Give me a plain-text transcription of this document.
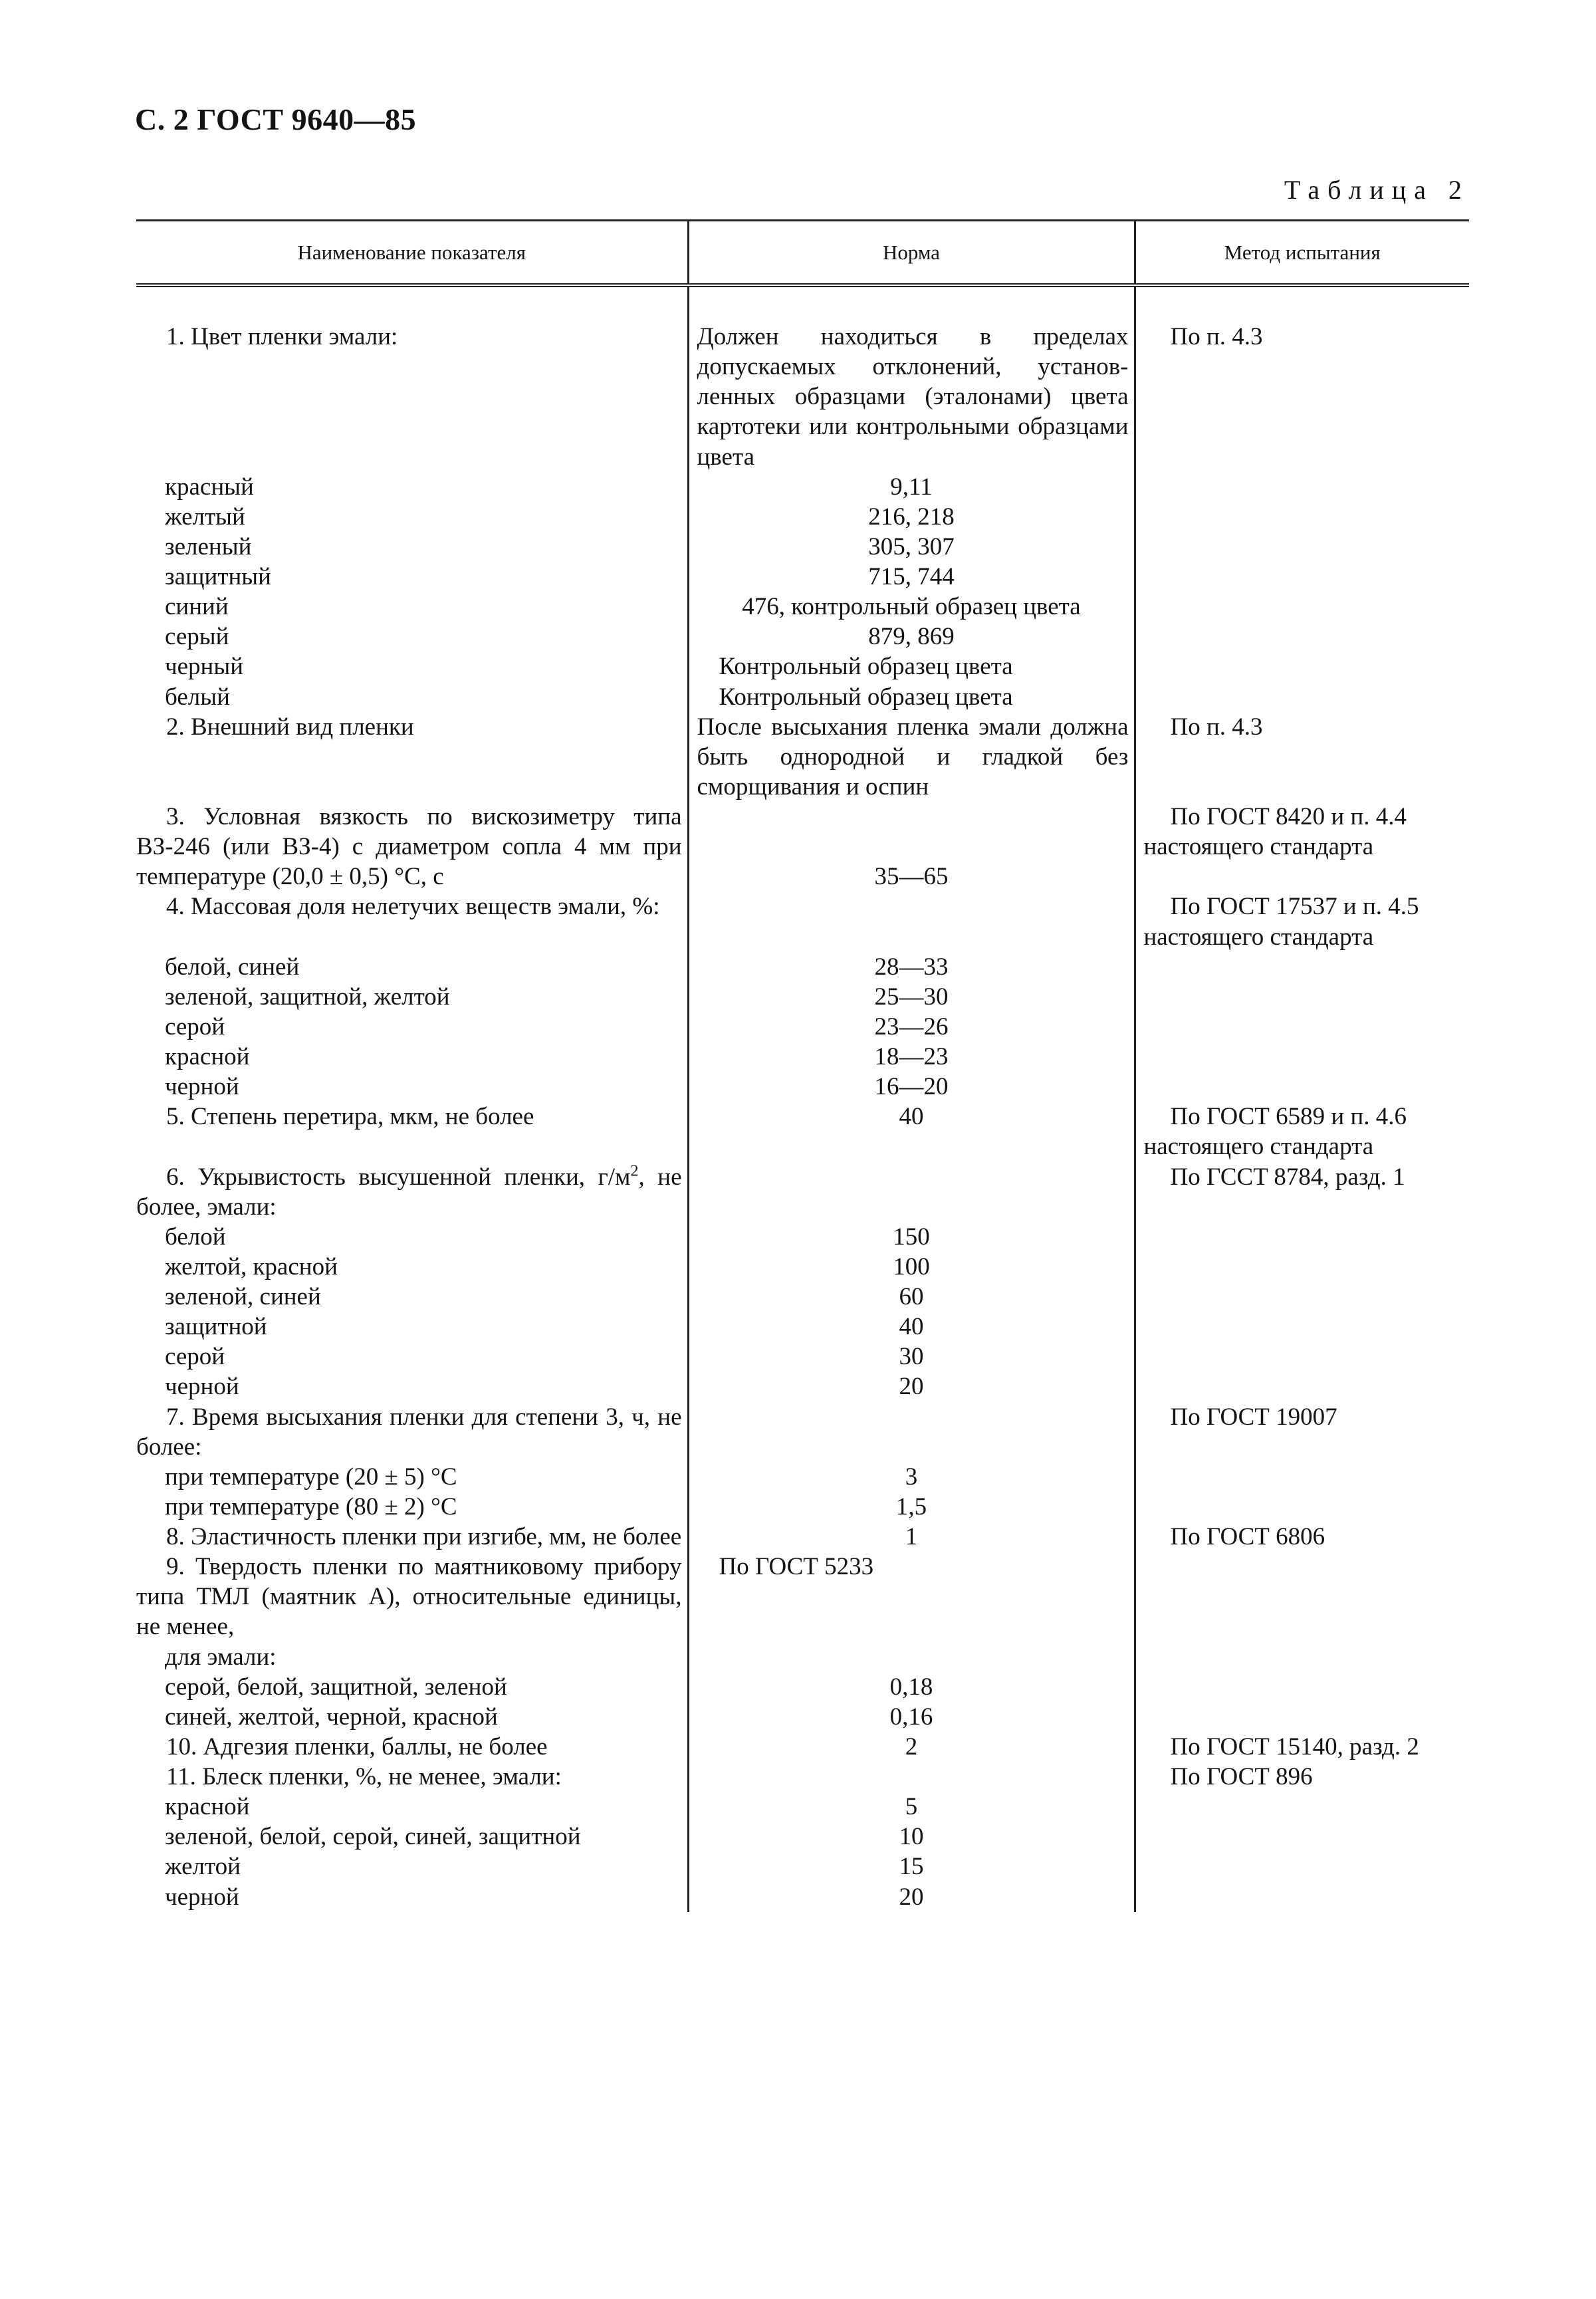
С. 2 ГОСТ 9640—85
Таблица 2
Наименование показателя	Норма	Метод испытания

1. Цвет пленки эмали:	Должен находиться в пределах допускаемых отклонений, установленных образцами (эталонами) цвета картотеки или контрольными образцами цвета	По п. 4.3

красный	9,11	
желтый	216, 218	
зеленый	305, 307	
защитный	715, 744	
синий	476, контрольный образец цвета	
серый	879, 869	
черный	Контрольный образец цвета	
белый	Контрольный образец цвета	
2. Внешний вид пленки	После высыхания пленка эмали должна быть однородной и гладкой без сморщивания и оспин	По п. 4.3

3. Условная вязкость по вискозиметру типа ВЗ-246 (или ВЗ-4) с диаметром сопла 4 мм при температуре (20,0 ± 0,5) °С, с	35—65	По ГОСТ 8420 и п. 4.4
настоящего стандарта
4. Массовая доля нелетучих веществ эмали, %:		По ГОСТ 17537 и п. 4.5
настоящего стандарта
белой, синей	28—33	
зеленой, защитной, желтой	25—30	
серой	23—26	
красной	18—23	
черной	16—20	
5. Степень перетира, мкм, не более	40	По ГОСТ 6589 и п. 4.6
настоящего стандарта
6. Укрывистость высушенной пленки, $г/м^2$, не более, эмали:		По ГСCT 8784, разд. 1

белой	150	
желтой, красной	100	
зеленой, синей	60	
защитной	40	
серой	30	
черной	20	
7. Время высыхания пленки для степени 3, ч, не более:		По ГОСТ 19007

при температуре (20 ± 5) °С	3	
при температуре (80 ± 2) °С	1,5	
8. Эластичность пленки при изгибе, мм, не более	1	По ГОСТ 6806

9. Твердость пленки по маятниковому прибору типа ТМЛ (маятник А), относительные единицы, не менее,	По ГОСТ 5233	
для эмали:		
серой, белой, защитной, зеленой	0,18	
синей, желтой, черной, красной	0,16	
10. Адгезия пленки, баллы, не более	2	По ГОСТ 15140, разд. 2

11. Блеск пленки, %, не менее, эмали:		По ГОСТ 896

красной	5	
зеленой, белой, серой, синей, защитной	10	
желтой	15	
черной	20	
